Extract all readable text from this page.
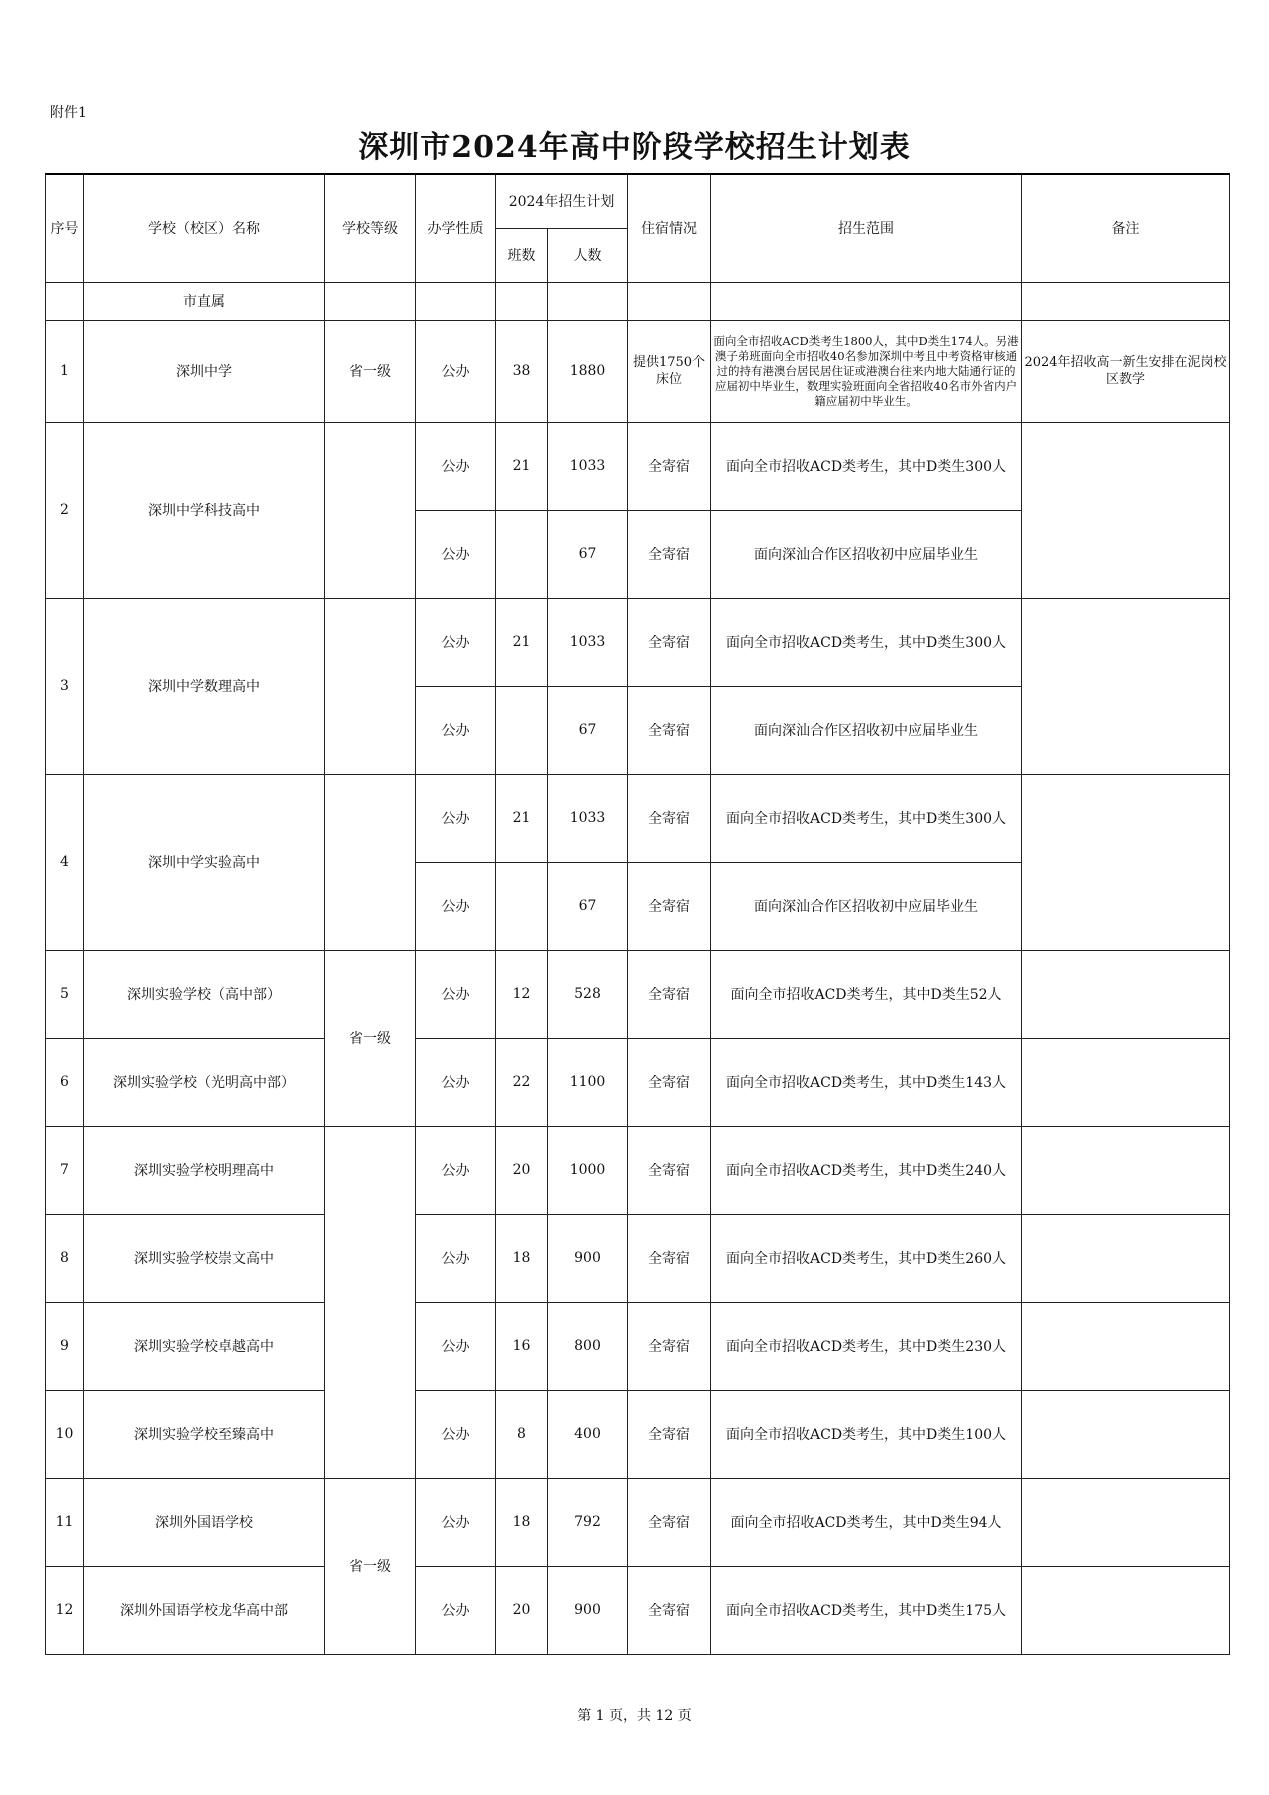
附件1
深圳市2024年高中阶段学校招生计划表
序号	学校（校区）名称	学校等级	办学性质	2024年招生计划		住宿情况	招生范围	备注
				班数	人数			
	市直属							
1	深圳中学	省一级	公办	38	1880	提供1750个床位	面向全市招收ACD类考生1800人，其中D类生174人。另港澳子弟班面向全市招收40名参加深圳中考且中考资格审核通过的持有港澳台居民居住证或港澳台往来内地大陆通行证的应届初中毕业生，数理实验班面向全省招收40名市外省内户籍应届初中毕业生。	2024年招收高一新生安排在泥岗校区教学
2	深圳中学科技高中		公办	21	1033	全寄宿	面向全市招收ACD类考生，其中D类生300人	
			公办		67	全寄宿	面向深汕合作区招收初中应届毕业生	
3	深圳中学数理高中		公办	21	1033	全寄宿	面向全市招收ACD类考生，其中D类生300人	
			公办		67	全寄宿	面向深汕合作区招收初中应届毕业生	
4	深圳中学实验高中		公办	21	1033	全寄宿	面向全市招收ACD类考生，其中D类生300人	
			公办		67	全寄宿	面向深汕合作区招收初中应届毕业生	
5	深圳实验学校（高中部）	省一级	公办	12	528	全寄宿	面向全市招收ACD类考生，其中D类生52人	
6	深圳实验学校（光明高中部）		公办	22	1100	全寄宿	面向全市招收ACD类考生，其中D类生143人	
7	深圳实验学校明理高中		公办	20	1000	全寄宿	面向全市招收ACD类考生，其中D类生240人	
8	深圳实验学校崇文高中		公办	18	900	全寄宿	面向全市招收ACD类考生，其中D类生260人	
9	深圳实验学校卓越高中		公办	16	800	全寄宿	面向全市招收ACD类考生，其中D类生230人	
10	深圳实验学校至臻高中		公办	8	400	全寄宿	面向全市招收ACD类考生，其中D类生100人	
11	深圳外国语学校	省一级	公办	18	792	全寄宿	面向全市招收ACD类考生，其中D类生94人	
12	深圳外国语学校龙华高中部		公办	20	900	全寄宿	面向全市招收ACD类考生，其中D类生175人	
第 1 页，共 12 页
